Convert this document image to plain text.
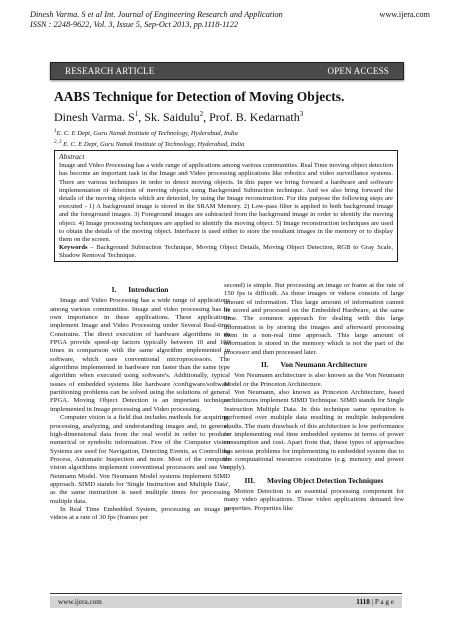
Dinesh Varma. S et al Int. Journal of Engineering Research and Application
ISSN : 2248-9622, Vol. 3, Issue 5, Sep-Oct 2013, pp.1118-1122
www.ijera.com
RESEARCH ARTICLE	OPEN ACCESS
AABS Technique for Detection of Moving Objects.
Dinesh Varma. $S^1$, Sk. Saidulu$^2$, Prof. B. Kedarnath$^3$
$^1$E. C. E Dept, Guru Nanak Institute of Technology, Hyderabad, India
$^{2, 3}$ E. C. E Dept, Guru Nanak Institute of Technology, Hyderabad, India
Abstract
Image and Video Processing has a wide range of applications among various communities. Real Time moving object detection has become an important task in the Image and Video processing applications like robotics and video surveillance systems. There are various techniques in order to detect moving objects. In this paper we bring forward a hardware and software implementation of detection of moving objects using Background Subtraction technique. And we also bring forward the details of the moving objects which are detected, by using the Image reconstruction. For this purpose the following steps are executed - 1) A background image is stored in the SRAM Memory. 2) Low-pass filter is applied to both background image and the foreground images. 3) Foreground images are subtracted from the background image in order to identify the moving object. 4) Image processing techniques are applied to identify the moving object. 5) Image reconstruction techniques are used to obtain the details of the moving object. Interfacer is used either to store the resultant images in the memory or to display them on the screen.
Keywords – Background Subtraction Technique, Moving Object Details, Moving Object Detection, RGB to Gray Scale, Shadow Removal Technique.
I. Introduction

Image and Video Processing has a wide range of applications among various communities. Image and video processing has its own importance in these applications. These applications implement Image and Video Processing under Several Real-time Constrains. The direct execution of hardware algorithms in an FPGA provide speed-up factors typically between 10 and 100 times in comparison with the same algorithm implemented in software, which uses conventional microprocessors. The algorithms implemented in hardware run faster than the same type algorithm when executed using software's. Additionally, typical issues of embedded systems like hardware /configware/software partitioning problems can be solved using the solutions of general FPGA. Moving Object Detection is an important technique implemented in Image processing and Video processing.

Computer vision is a field that includes methods for acquiring, processing, analyzing, and understanding images and, in general, high-dimensional data from the real world in order to produce numerical or symbolic information. Few of the Computer vision Systems are used for Navigation, Detecting Events, as Controlling Process, Automatic Inspection and more. Most of the computer vision algorithms implement conventional processors and use Von Neumann Model. Von Neumann Model systems implement SIMD approach. SIMD stands for 'Single Instruction and Multiple Data', as the same instruction is used multiple times for processing multiple data.

In Real Time Embedded System, processing an image or videos at a rate of 30 fps (frames per

second) is simple. But processing an image or frame at the rate of 150 fps is difficult. As these images or videos consists of large amount of information. This large amount of information cannot be stored and processed on the Embedded Hardware, at the same time. The common approach for dealing with this large information is by storing the images and afterward processing them in a non-real time approach. This large amount of information is stored in the memory which is not the part of the processor and then processed later.

II. Von Neumann Architecture

Von Neumann architecture is also known as the Von Neumann Model or the Princeton Architecture.

Von Neumann, also known as Princeton Architecture, based architectures implement SIMD Technique. SIMD stands for Single Instruction Multiple Data. In this technique same operation is performed over multiple data resulting in multiple independent results. The main drawback of this architecture is low performance for implementing real time embedded systems in terms of power consumption and cost. Apart from that, these types of approaches has serious problems for implementing in embedded system due to the computational resources constrains (e.g. memory and power supply).

III. Moving Object Detection Techniques

Motion Detection is an essential processing component for many video applications. These video applications demand few properties. Properties like

www.ijera.com	1118 | P a g e
